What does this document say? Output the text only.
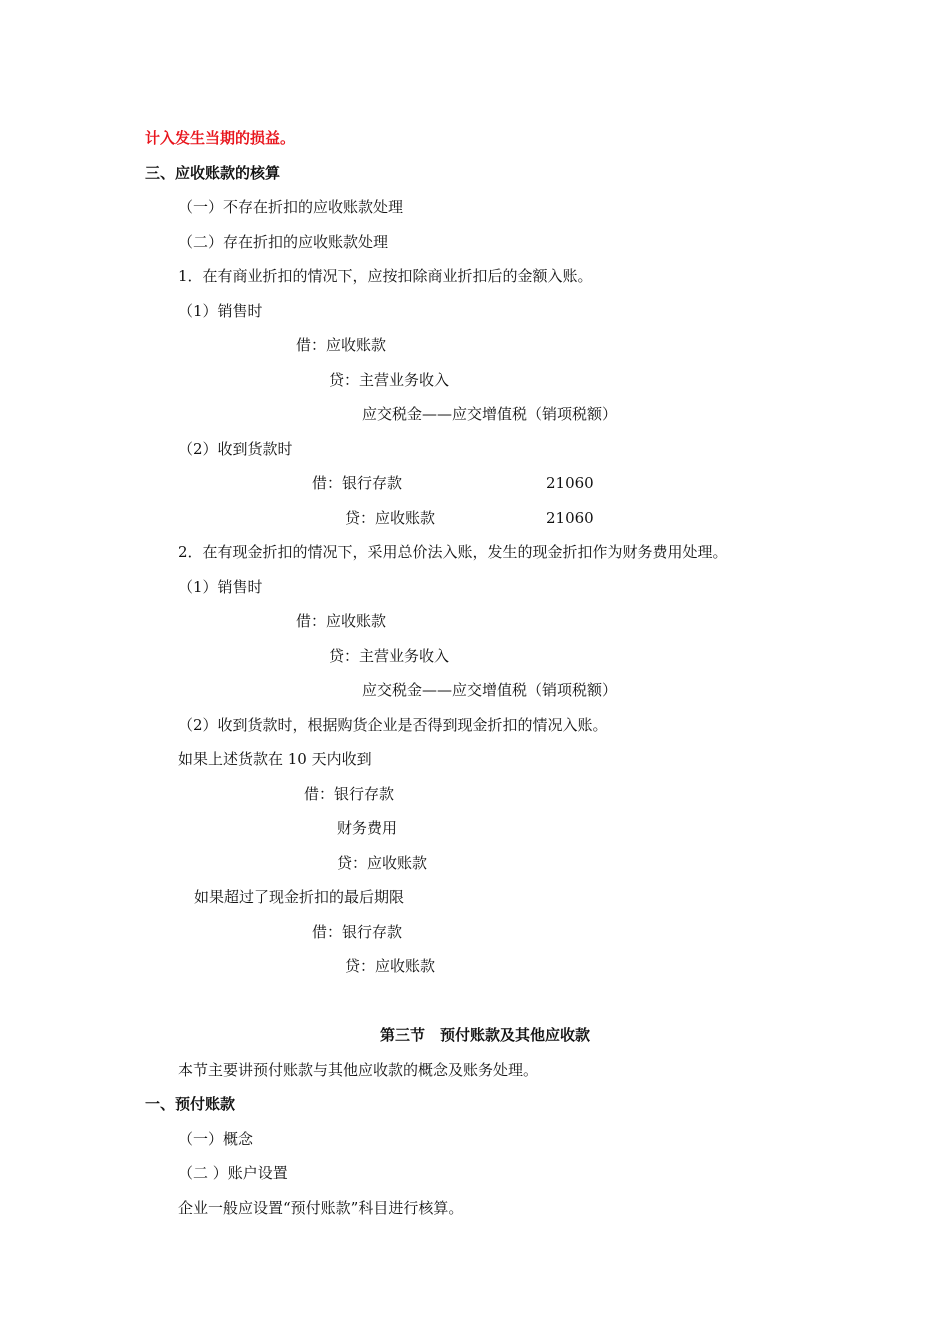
计入发生当期的损益。
三、应收账款的核算
（一）不存在折扣的应收账款处理
（二）存在折扣的应收账款处理
1．在有商业折扣的情况下，应按扣除商业折扣后的金额入账。
（1）销售时
借：应收账款
贷：主营业务收入
应交税金——应交增值税（销项税额）
（2）收到货款时
借：银行存款	21060
贷：应收账款	21060
2．在有现金折扣的情况下，采用总价法入账，发生的现金折扣作为财务费用处理。
（1）销售时
借：应收账款
贷：主营业务收入
应交税金——应交增值税（销项税额）
（2）收到货款时，根据购货企业是否得到现金折扣的情况入账。
如果上述货款在 10 天内收到
借：银行存款
财务费用
贷：应收账款
如果超过了现金折扣的最后期限
借：银行存款
贷：应收账款
第三节　预付账款及其他应收款
本节主要讲预付账款与其他应收款的概念及账务处理。
一、预付账款
（一）概念
（二 ）账户设置
企业一般应设置“预付账款”科目进行核算。
